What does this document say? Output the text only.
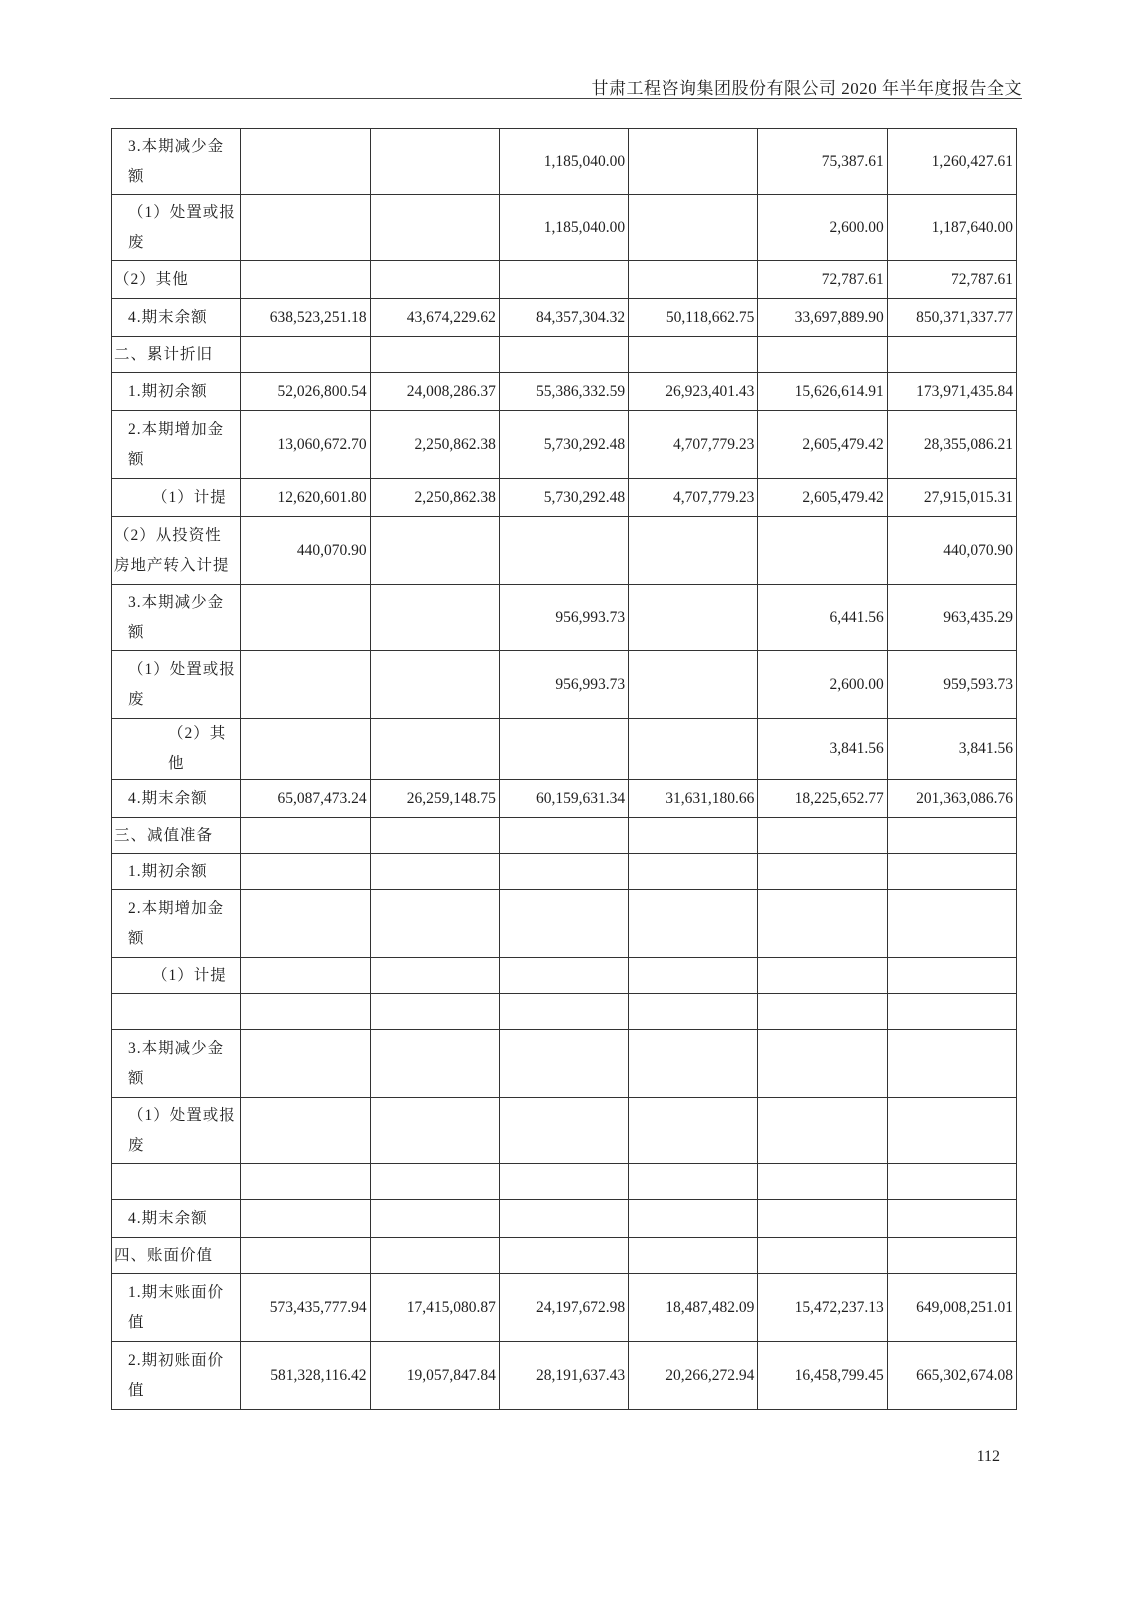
甘肃工程咨询集团股份有限公司 2020 年半年度报告全文
3.本期减少金额			1,185,040.00		75,387.61	1,260,427.61
（1）处置或报废			1,185,040.00		2,600.00	1,187,640.00
（2）其他					72,787.61	72,787.61
4.期末余额	638,523,251.18	43,674,229.62	84,357,304.32	50,118,662.75	33,697,889.90	850,371,337.77
二、累计折旧						
1.期初余额	52,026,800.54	24,008,286.37	55,386,332.59	26,923,401.43	15,626,614.91	173,971,435.84
2.本期增加金额	13,060,672.70	2,250,862.38	5,730,292.48	4,707,779.23	2,605,479.42	28,355,086.21
（1）计提	12,620,601.80	2,250,862.38	5,730,292.48	4,707,779.23	2,605,479.42	27,915,015.31
（2）从投资性房地产转入计提	440,070.90					440,070.90
3.本期减少金额			956,993.73		6,441.56	963,435.29
（1）处置或报废			956,993.73		2,600.00	959,593.73
（2）其他					3,841.56	3,841.56
4.期末余额	65,087,473.24	26,259,148.75	60,159,631.34	31,631,180.66	18,225,652.77	201,363,086.76
三、减值准备						
1.期初余额						
2.本期增加金额						
（1）计提						

3.本期减少金额						
（1）处置或报废						

4.期末余额						
四、账面价值						
1.期末账面价值	573,435,777.94	17,415,080.87	24,197,672.98	18,487,482.09	15,472,237.13	649,008,251.01
2.期初账面价值	581,328,116.42	19,057,847.84	28,191,637.43	20,266,272.94	16,458,799.45	665,302,674.08
112
